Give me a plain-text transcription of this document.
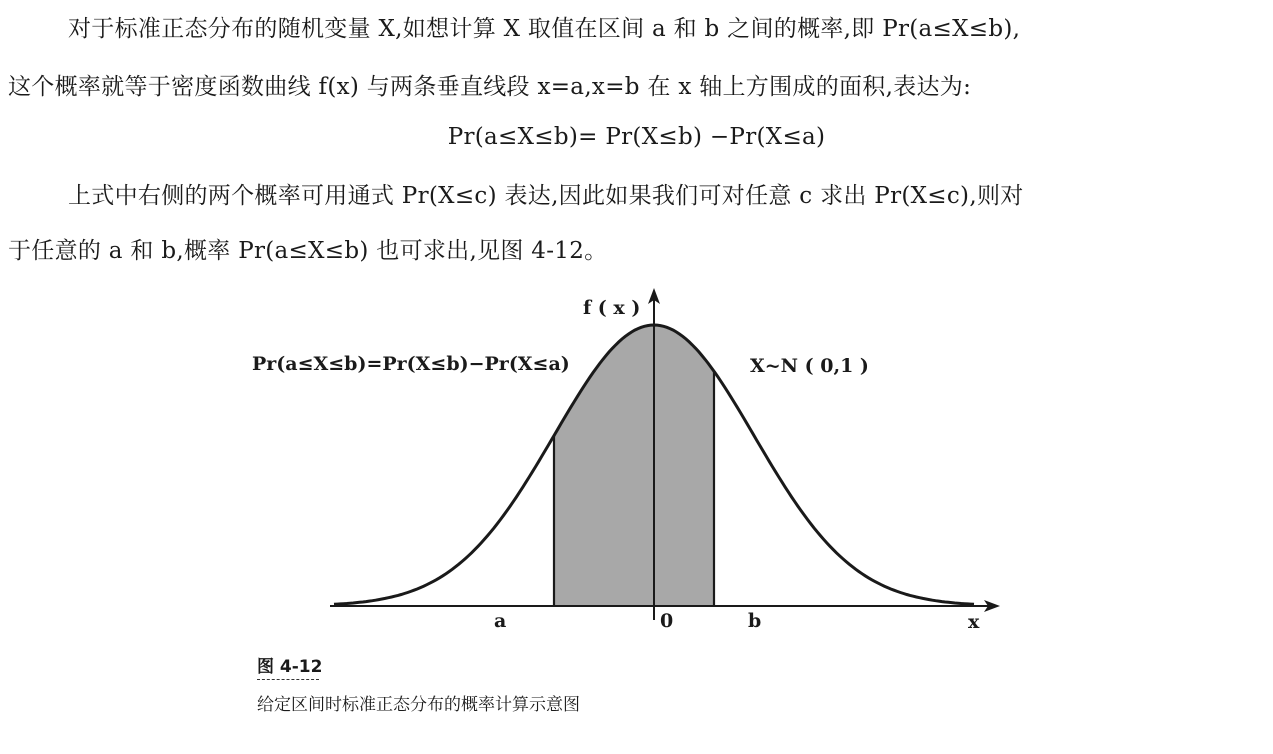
对于标准正态分布的随机变量 X,如想计算 X 取值在区间 a 和 b 之间的概率,即 Pr(a≤X≤b),
这个概率就等于密度函数曲线 f(x) 与两条垂直线段 x=a,x=b 在 x 轴上方围成的面积,表达为:
Pr(a≤X≤b)= Pr(X≤b) −Pr(X≤a)
上式中右侧的两个概率可用通式 Pr(X≤c) 表达,因此如果我们可对任意 c 求出 Pr(X≤c),则对
于任意的 a 和 b,概率 Pr(a≤X≤b) 也可求出,见图 4-12。
f ( x )
Pr(a≤X≤b)=Pr(X≤b)−Pr(X≤a)	X~N ( 0,1 )
x
a	0	b
图 4-12
给定区间时标准正态分布的概率计算示意图
